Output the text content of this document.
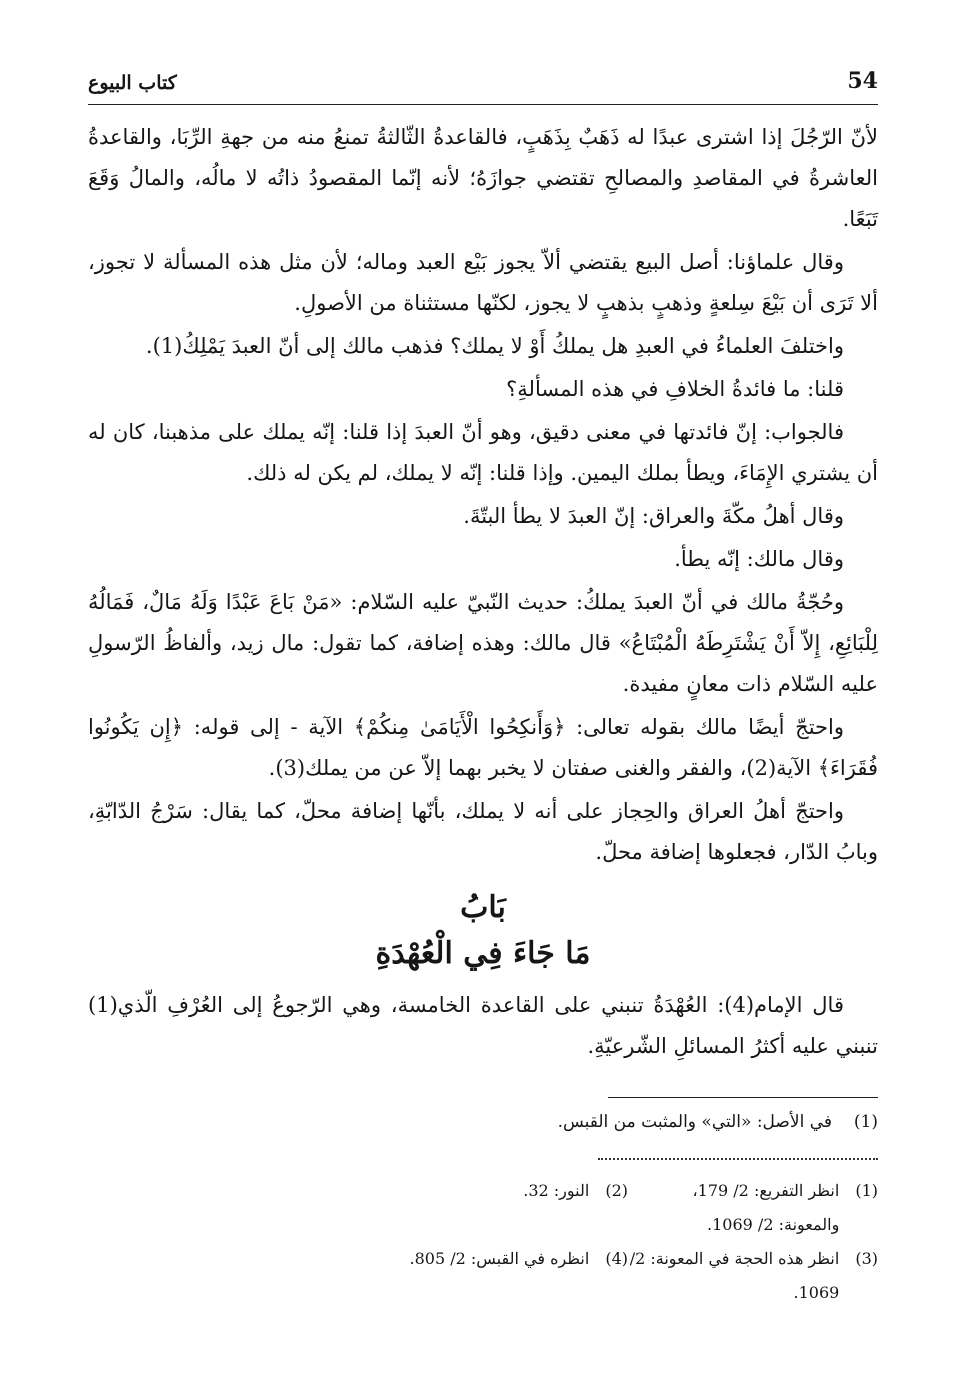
54
كتاب البيوع

لأنّ الرّجُلَ إذا اشترى عبدًا له ذَهَبٌ بِذَهَبٍ، فالقاعدةُ الثّالثةُ تمنعُ منه من جهةِ الرِّبَا، والقاعدةُ العاشرةُ في المقاصدِ والمصالحِ تقتضي جوازَهُ؛ لأنه إنّما المقصودُ ذاتُه لا مالُه، والمالُ وَقَعَ تَبَعًا.

وقال علماؤنا: أصل البيع يقتضي ألاّ يجوز بَيْع العبد وماله؛ لأن مثل هذه المسألة لا تجوز، ألا تَرَى أن بَيْعَ سِلعةٍ وذهبٍ بذهبٍ لا يجوز، لكنّها مستثناة من الأصولِ.

واختلفَ العلماءُ في العبدِ هل يملكُ أَوْ لا يملك؟ فذهب مالك إلى أنّ العبدَ يَمْلِكُ(1).

قلنا: ما فائدةُ الخلافِ في هذه المسألةِ؟

فالجواب: إنّ فائدتها في معنى دقيق، وهو أنّ العبدَ إذا قلنا: إنّه يملك على مذهبنا، كان له أن يشتري الإِمَاءَ، ويطأ بملك اليمين. وإذا قلنا: إنّه لا يملك، لم يكن له ذلك.

وقال أهلُ مكّةَ والعراق: إنّ العبدَ لا يطأ البتّةَ.

وقال مالك: إنّه يطأ.

وحُجّةُ مالك في أنّ العبدَ يملكُ: حديث النّبيّ عليه السّلام: «مَنْ بَاعَ عَبْدًا وَلَهُ مَالٌ، فَمَالُهُ لِلْبَائِعِ، إِلاّ أَنْ يَشْتَرِطَهُ الْمُبْتَاعُ» قال مالك: وهذه إضافة، كما تقول: مال زيد، وألفاظُ الرّسولِ عليه السّلام ذات معانٍ مفيدة.

واحتجّ أيضًا مالك بقوله تعالى: ﴿وَأَنكِحُوا الْأَيَامَىٰ مِنكُمْ﴾ الآية - إلى قوله: ﴿إِن يَكُونُوا فُقَرَاءَ﴾ الآية(2)، والفقر والغنى صفتان لا يخبر بهما إلاّ عن من يملك(3).

واحتجّ أهلُ العراق والحِجاز على أنه لا يملك، بأنّها إضافة محلّ، كما يقال: سَرْجُ الدّابّةِ، وبابُ الدّار، فجعلوها إضافة محلّ.

بَابُ
مَا جَاءَ فِي الْعُهْدَةِ

قال الإمام(4): العُهْدَةُ تنبني على القاعدة الخامسة، وهي الرّجوعُ إلى العُرْفِ الّذي(1) تنبني عليه أكثرُ المسائلِ الشّرعيّةِ.

(1)
في الأصل: «التي» والمثبت من القبس.
(1)
انظر التفريع: 2/ 179، والمعونة: 2/ 1069.
(2)
النور: 32.
(3)
انظر هذه الحجة في المعونة: 2/ 1069.
(4)
انظره في القبس: 2/ 805.
